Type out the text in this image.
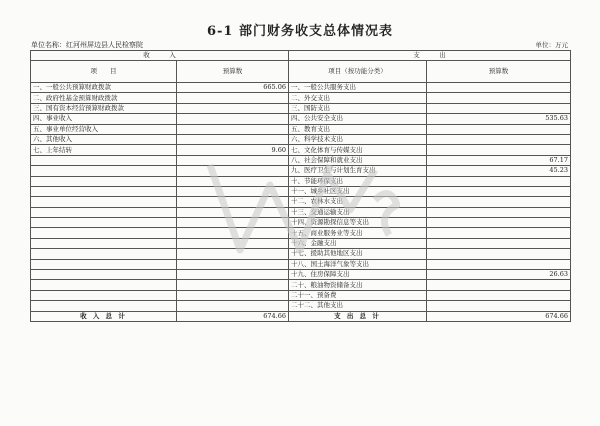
6-1 部门财务收支总体情况表
单位名称：红河州屏边县人民检察院	单位：万元
收　　　入		支　　　出	
项　　目	预算数	项目（按功能分类）	预算数
一、一般公共预算财政拨款	665.06	一、一般公共服务支出	
二、政府性基金预算财政拨款		二、外交支出	
三、国有资本经营预算财政拨款		三、国防支出	
四、事业收入		四、公共安全支出	535.63
五、事业单位经营收入		五、教育支出	
六、其他收入		六、科学技术支出	
七、上年结转	9.60	七、文化体育与传媒支出	
		八、社会保障和就业支出	67.17
		九、医疗卫生与计划生育支出	45.23
		十、节能环保支出	
		十一、城乡社区支出	
		十二、农林水支出	
		十三、交通运输支出	
		十四、资源勘探信息等支出	
		十五、商业服务业等支出	
		十六、金融支出	
		十七、援助其他地区支出	
		十八、国土海洋气象等支出	
		十九、住房保障支出	26.63
		二十、粮油物资储备支出	
		二十一、预备费	
		二十二、其他支出	
收 入 总 计	674.66	支 出 总 计	674.66
